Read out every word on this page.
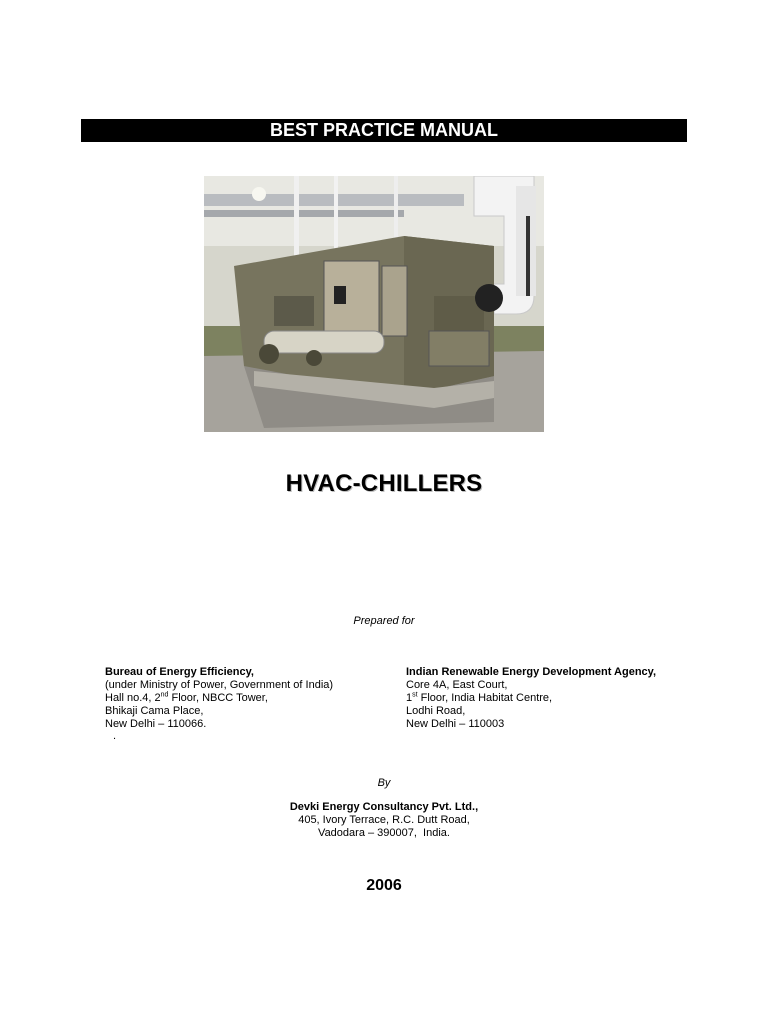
BEST PRACTICE MANUAL
HVAC-CHILLERS
Prepared for
Bureau of Energy Efficiency,
(under Ministry of Power, Government of India)
Hall no.4, 2nd Floor, NBCC Tower,
Bhikaji Cama Place,
New Delhi – 110066.
.
Indian Renewable Energy Development Agency,
Core 4A, East Court,
1st Floor, India Habitat Centre,
Lodhi Road,
New Delhi – 110003
By
Devki Energy Consultancy Pvt. Ltd.,
405, Ivory Terrace, R.C. Dutt Road,
Vadodara – 390007,  India.
2006
